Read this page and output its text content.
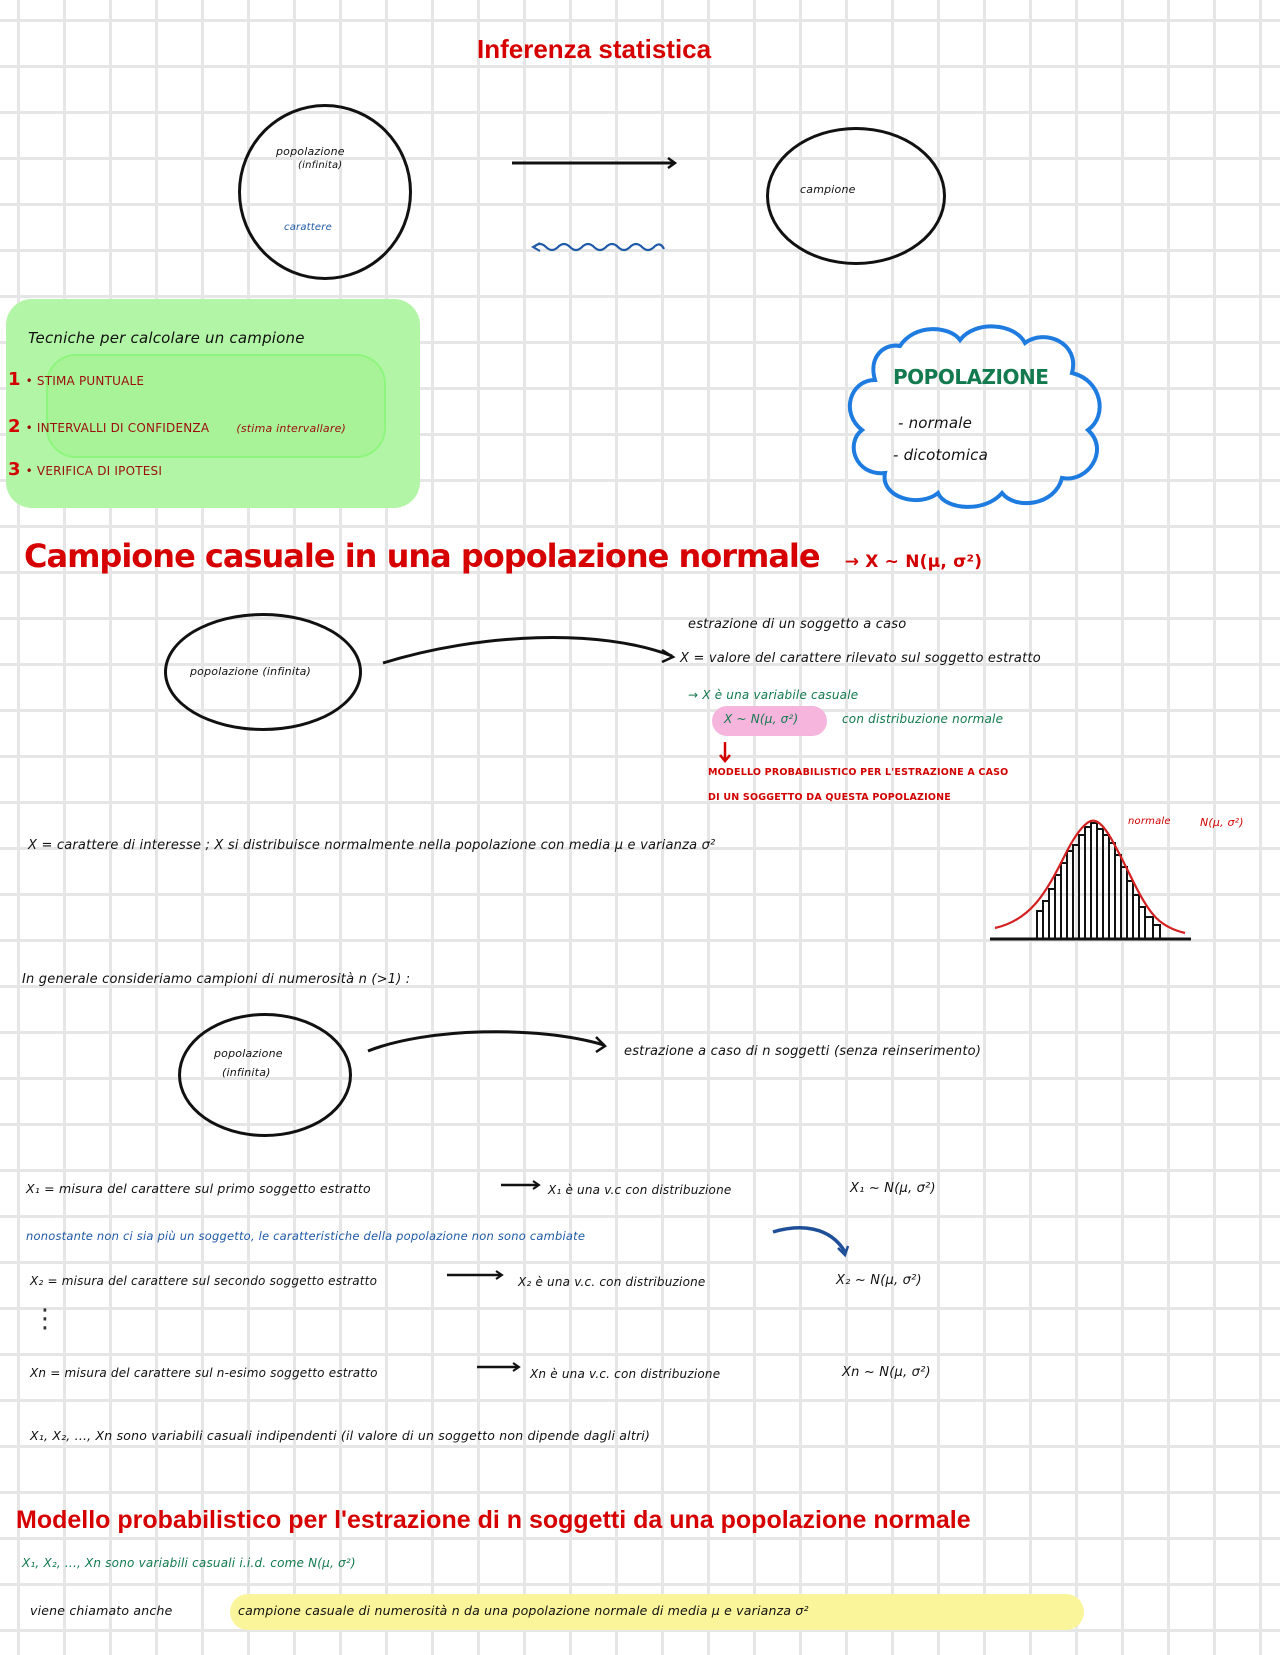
Inferenza statistica
popolazione
(infinita)
carattere
campione
Tecniche per calcolare un campione
1 • STIMA PUNTUALE
2 • INTERVALLI DI CONFIDENZA (stima intervallare)
3 • VERIFICA DI IPOTESI
POPOLAZIONE
- normale
- dicotomica
Campione casuale in una popolazione normale → X ~ N(μ, σ²)
popolazione (infinita)
estrazione di un soggetto a caso
X = valore del carattere rilevato sul soggetto estratto
→ X è una variabile casuale
X ~ N(μ, σ²)	con distribuzione normale
MODELLO PROBABILISTICO PER L'ESTRAZIONE A CASO
DI UN SOGGETTO DA QUESTA POPOLAZIONE
X = carattere di interesse ; X si distribuisce normalmente nella popolazione con media μ e varianza σ²
normale	N(μ, σ²)
In generale consideriamo campioni di numerosità n (>1) :
popolazione
(infinita)
estrazione a caso di n soggetti (senza reinserimento)
X₁ = misura del carattere sul primo soggetto estratto	X₁ è una v.c con distribuzione	X₁ ~ N(μ, σ²)
nonostante non ci sia più un soggetto, le caratteristiche della popolazione non sono cambiate
X₂ = misura del carattere sul secondo soggetto estratto	X₂ è una v.c. con distribuzione	X₂ ~ N(μ, σ²)
⋮
Xn = misura del carattere sul n-esimo soggetto estratto	Xn è una v.c. con distribuzione	Xn ~ N(μ, σ²)
X₁, X₂, ..., Xn sono variabili casuali indipendenti (il valore di un soggetto non dipende dagli altri)
Modello probabilistico per l'estrazione di n soggetti da una popolazione normale
X₁, X₂, ..., Xn sono variabili casuali i.i.d. come N(μ, σ²)
viene chiamato anche	campione casuale di numerosità n da una popolazione normale di media μ e varianza σ²
